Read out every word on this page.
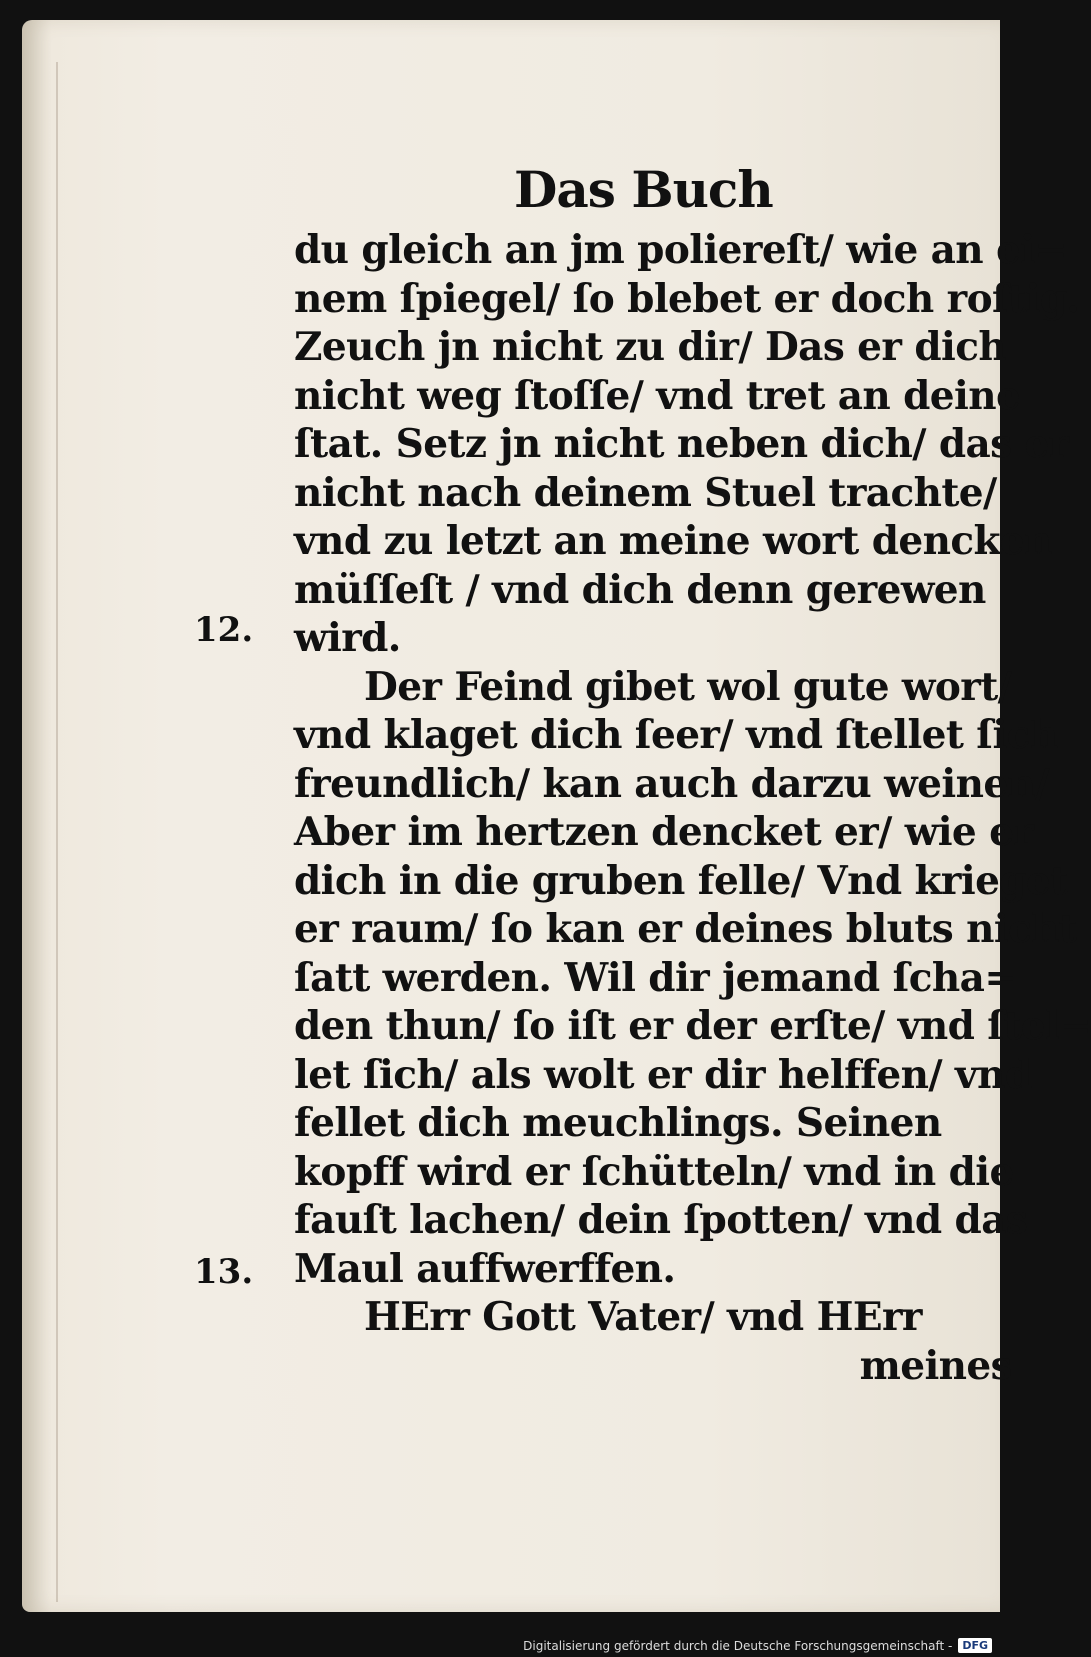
Das Buch
12.
13.
du gleich an jm poliereſt/ wie an ei=
nem ſpiegel/ ſo blebet er doch roſtig.
Zeuch jn nicht zu dir/ Das er dich
nicht weg ſtoſſe/ vnd tret an deine
ſtat. Setz jn nicht neben dich/ das er
nicht nach deinem Stuel trachte/
vnd zu letzt an meine wort dencken
müſſeſt / vnd dich denn gerewen
wird.
Der Feind gibet wol gute wort/
vnd klaget dich ſeer/ vnd ſtellet ſich
freundlich/ kan auch darzu weinen/
Aber im hertzen dencket er/ wie er
dich in die gruben felle/ Vnd krieget
er raum/ ſo kan er deines bluts nicht
ſatt werden. Wil dir jemand ſcha=
den thun/ ſo iſt er der erſte/ vnd ſtel=
let ſich/ als wolt er dir helffen/ vnd
fellet dich meuchlings. Seinen
kopff wird er ſchütteln/ vnd in die
fauſt lachen/ dein ſpotten/ vnd das
Maul auffwerffen.
HErr Gott Vater/ vnd HErr
meines
Digitalisierung gefördert durch die Deutsche Forschungsgemeinschaft - DFG
